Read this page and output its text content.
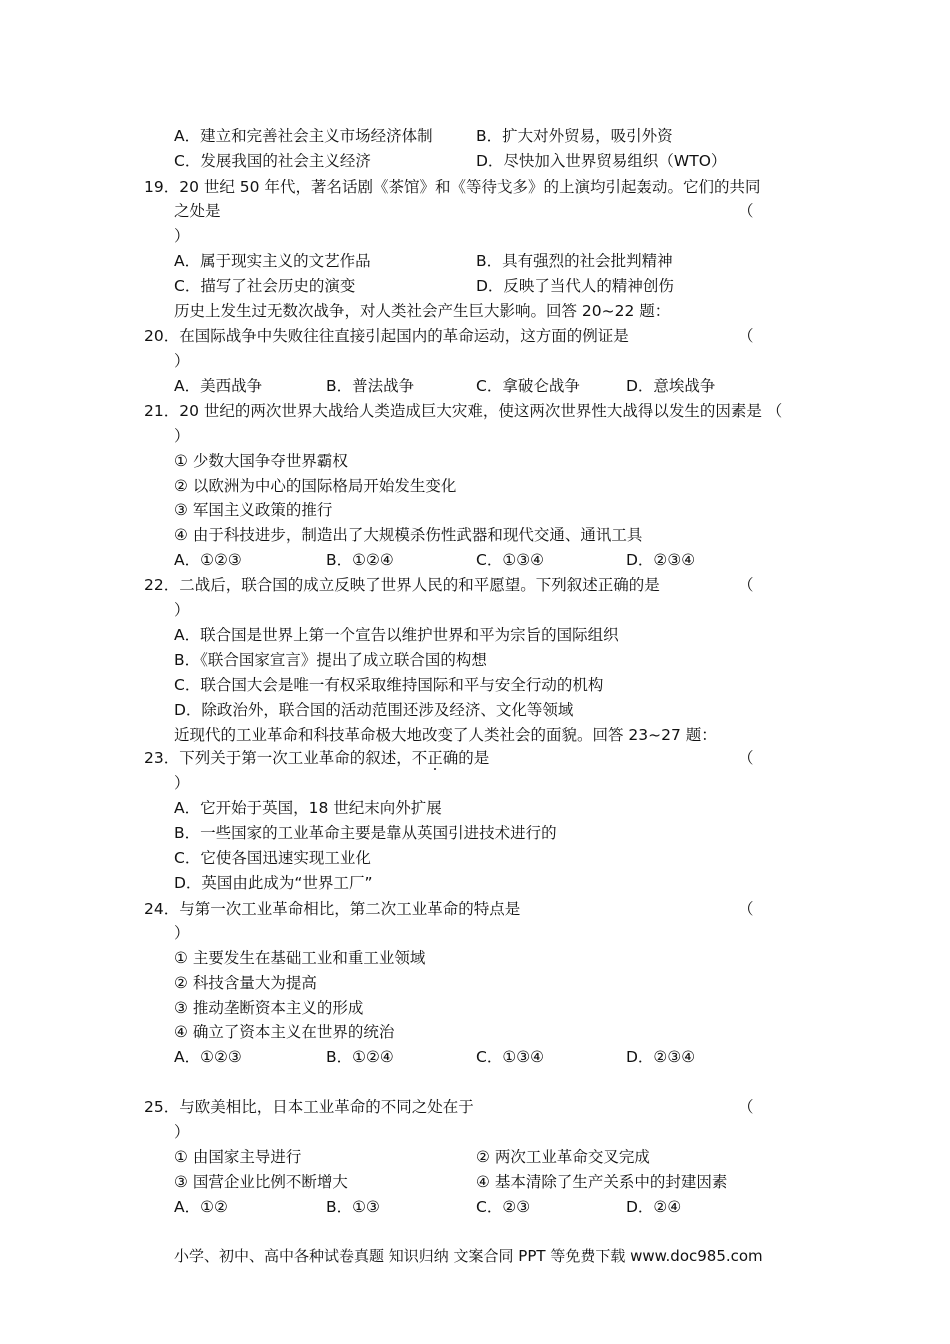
A．建立和完善社会主义市场经济体制	B．扩大对外贸易，吸引外资
C．发展我国的社会主义经济	D．尽快加入世界贸易组织（WTO）
19．20 世纪 50 年代，著名话剧《茶馆》和《等待戈多》的上演均引起轰动。它们的共同
之处是	（
）
A．属于现实主义的文艺作品	B．具有强烈的社会批判精神
C．描写了社会历史的演变	D．反映了当代人的精神创伤
历史上发生过无数次战争，对人类社会产生巨大影响。回答 20~22 题：
20．在国际战争中失败往往直接引起国内的革命运动，这方面的例证是	（
）
A．美西战争	B．普法战争	C．拿破仑战争	D．意埃战争
21．20 世纪的两次世界大战给人类造成巨大灾难，使这两次世界性大战得以发生的因素是 （
）
① 少数大国争夺世界霸权
② 以欧洲为中心的国际格局开始发生变化
③ 军国主义政策的推行
④ 由于科技进步，制造出了大规模杀伤性武器和现代交通、通讯工具
A．①②③	B．①②④	C．①③④	D．②③④
22．二战后，联合国的成立反映了世界人民的和平愿望。下列叙述正确的是	（
）
A．联合国是世界上第一个宣告以维护世界和平为宗旨的国际组织
B．《联合国家宣言》提出了成立联合国的构想
C．联合国大会是唯一有权采取维持国际和平与安全行动的机构
D．除政治外，联合国的活动范围还涉及经济、文化等领域
近现代的工业革命和科技革命极大地改变了人类社会的面貌。回答 23~27 题：
23．下列关于第一次工业革命的叙述，不正确的是	（
）
A．它开始于英国，18 世纪末向外扩展
B．一些国家的工业革命主要是靠从英国引进技术进行的
C．它使各国迅速实现工业化
D．英国由此成为“世界工厂”
24．与第一次工业革命相比，第二次工业革命的特点是	（
）
① 主要发生在基础工业和重工业领域
② 科技含量大为提高
③ 推动垄断资本主义的形成
④ 确立了资本主义在世界的统治
A．①②③	B．①②④	C．①③④	D．②③④
25．与欧美相比，日本工业革命的不同之处在于	（
）
① 由国家主导进行	② 两次工业革命交叉完成
③ 国营企业比例不断增大	④ 基本清除了生产关系中的封建因素
A．①②	B．①③	C．②③	D．②④
小学、初中、高中各种试卷真题 知识归纳 文案合同 PPT 等免费下载 www.doc985.com
